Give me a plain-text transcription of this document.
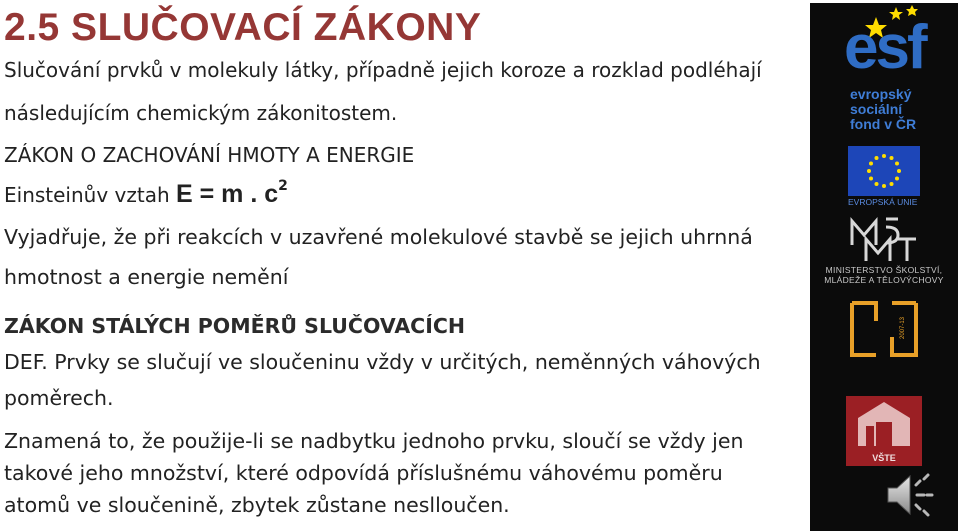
2.5 SLUČOVACÍ ZÁKONY

Slučování prvků v molekuly látky, případně jejich koroze a rozklad podléhají

následujícím chemickým zákonitostem.

ZÁKON O ZACHOVÁNÍ HMOTY A ENERGIE

Einsteinův vztah E = m . $c^2$

Vyjadřuje, že při reakcích v uzavřené molekulové stavbě se jejich uhrnná

hmotnost a energie nemění

ZÁKON STÁLÝCH POMĚRŮ SLUČOVACÍCH

DEF. Prvky se slučují ve sloučeninu vždy v určitých, neměnných váhových

poměrech.

Znamená to, že použije-li se nadbytku jednoho prvku, sloučí se vždy jen

takové jeho množství, které odpovídá příslušnému váhovému poměru

atomů ve sloučenině, zbytek zůstane neslloučen.

esf
evropský
sociální
fond v ČR
EVROPSKÁ UNIE
MINISTERSTVO ŠKOLSTVÍ,
MLÁDEŽE A TĚLOVÝCHOVY
2007-13
VŠTE
